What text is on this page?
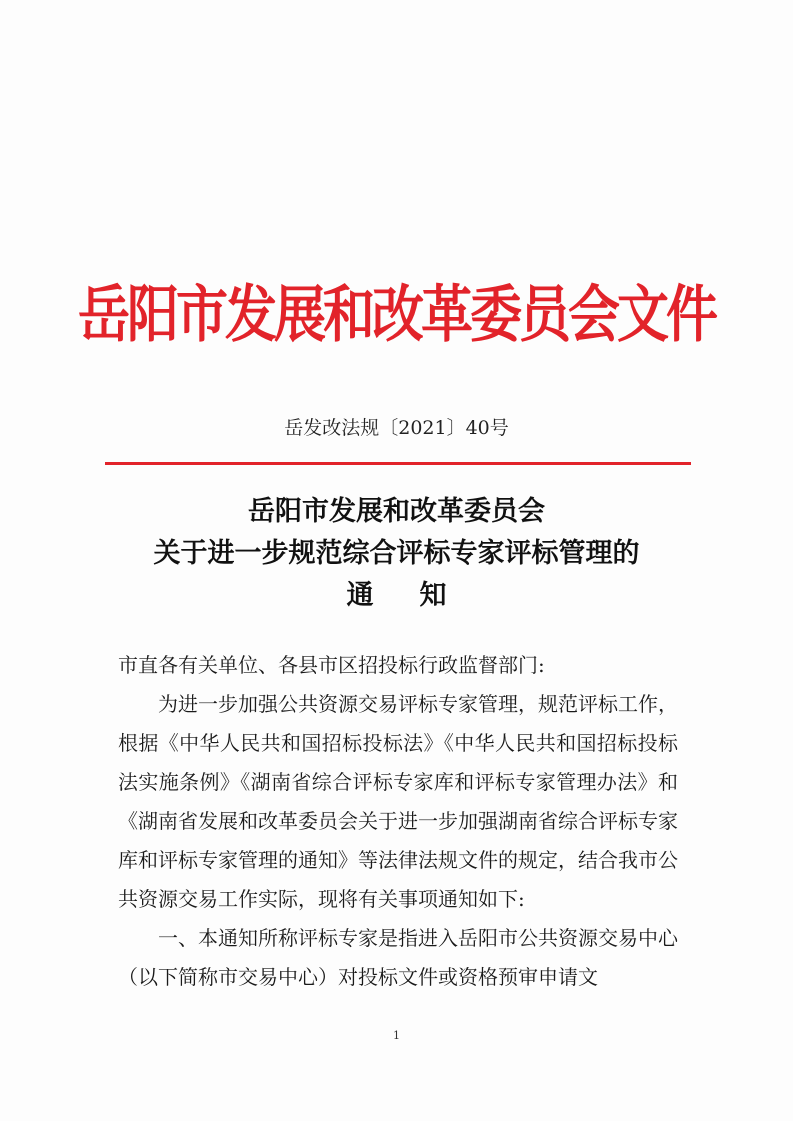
岳阳市发展和改革委员会文件
岳发改法规〔2021〕40号
岳阳市发展和改革委员会
关于进一步规范综合评标专家评标管理的
通知

市直各有关单位、各县市区招投标行政监督部门:

为进一步加强公共资源交易评标专家管理，规范评标工作，根据《中华人民共和国招标投标法》《中华人民共和国招标投标法实施条例》《湖南省综合评标专家库和评标专家管理办法》和《湖南省发展和改革委员会关于进一步加强湖南省综合评标专家库和评标专家管理的通知》等法律法规文件的规定，结合我市公共资源交易工作实际，现将有关事项通知如下:

一、本通知所称评标专家是指进入岳阳市公共资源交易中心（以下简称市交易中心）对投标文件或资格预审申请文

1
